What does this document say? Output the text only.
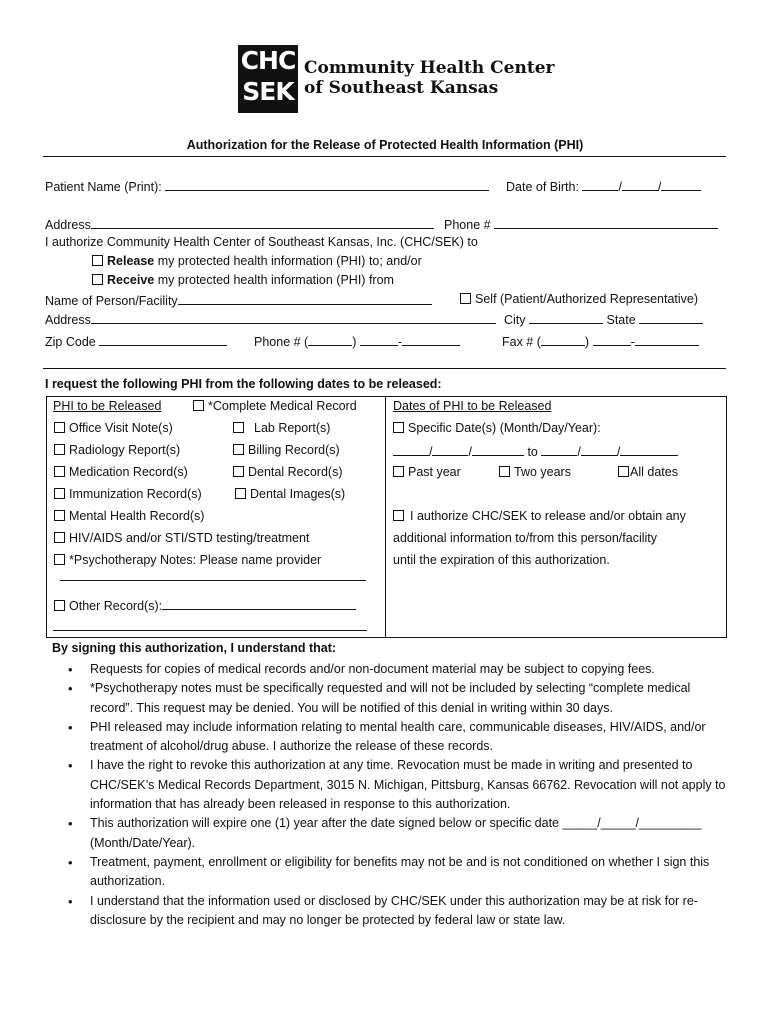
CHC
SEK
Community Health Center
of Southeast Kansas
Authorization for the Release of Protected Health Information (PHI)
Patient Name (Print):	Date of Birth:	/	/
Address	Phone #
I authorize Community Health Center of Southeast Kansas, Inc. (CHC/SEK) to
Release my protected health information (PHI) to; and/or
Receive my protected health information (PHI) from
Name of Person/Facility	Self (Patient/Authorized Representative)
Address	City	State
Zip Code	Phone # (	)	-	Fax # (	)	-
I request the following PHI from the following dates to be released:
PHI to be Released	*Complete Medical Record
Office Visit Note(s)	Lab Report(s)
Radiology Report(s)	Billing Record(s)
Medication Record(s)	Dental Record(s)
Immunization Record(s)	Dental Images(s)
Mental Health Record(s)
HIV/AIDS and/or STI/STD testing/treatment
*Psychotherapy Notes: Please name provider
Other Record(s):
Dates of PHI to be Released
Specific Date(s) (Month/Day/Year):
/	/	to	/	/
Past year	Two years	All dates
I authorize CHC/SEK to release and/or obtain any
additional information to/from this person/facility
until the expiration of this authorization.
By signing this authorization, I understand that:
• Requests for copies of medical records and/or non-document material may be subject to copying fees.
• *Psychotherapy notes must be specifically requested and will not be included by selecting “complete medical record”. This request may be denied. You will be notified of this denial in writing within 30 days.
• PHI released may include information relating to mental health care, communicable diseases, HIV/AIDS, and/or treatment of alcohol/drug abuse. I authorize the release of these records.
• I have the right to revoke this authorization at any time. Revocation must be made in writing and presented to CHC/SEK’s Medical Records Department, 3015 N. Michigan, Pittsburg, Kansas 66762. Revocation will not apply to information that has already been released in response to this authorization.
• This authorization will expire one (1) year after the date signed below or specific date _____/_____/_________ (Month/Date/Year).
• Treatment, payment, enrollment or eligibility for benefits may not be and is not conditioned on whether I sign this authorization.
• I understand that the information used or disclosed by CHC/SEK under this authorization may be at risk for re-disclosure by the recipient and may no longer be protected by federal law or state law.
